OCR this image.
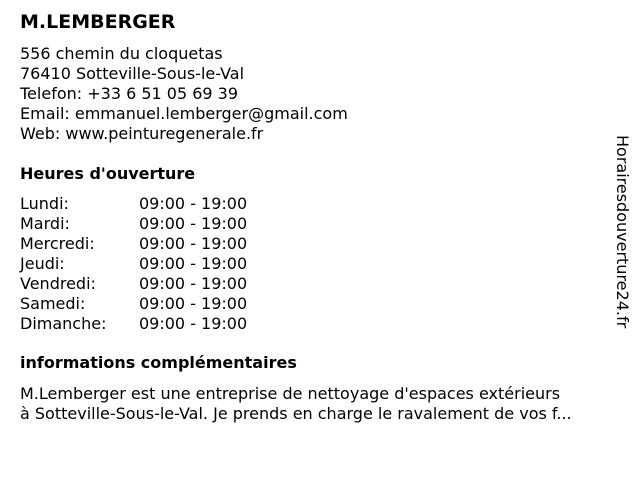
M.LEMBERGER
556 chemin du cloquetas
76410 Sotteville-Sous-le-Val
Telefon: +33 6 51 05 69 39
Email: emmanuel.lemberger@gmail.com
Web: www.peinturegenerale.fr
Heures d'ouverture
Lundi:	09:00 - 19:00
Mardi:	09:00 - 19:00
Mercredi:	09:00 - 19:00
Jeudi:	09:00 - 19:00
Vendredi:	09:00 - 19:00
Samedi:	09:00 - 19:00
Dimanche: 09:00 - 19:00
informations complémentaires
M.Lemberger est une entreprise de nettoyage d'espaces extérieurs
à Sotteville-Sous-le-Val. Je prends en charge le ravalement de vos f...
Horairesdouverture24.fr
